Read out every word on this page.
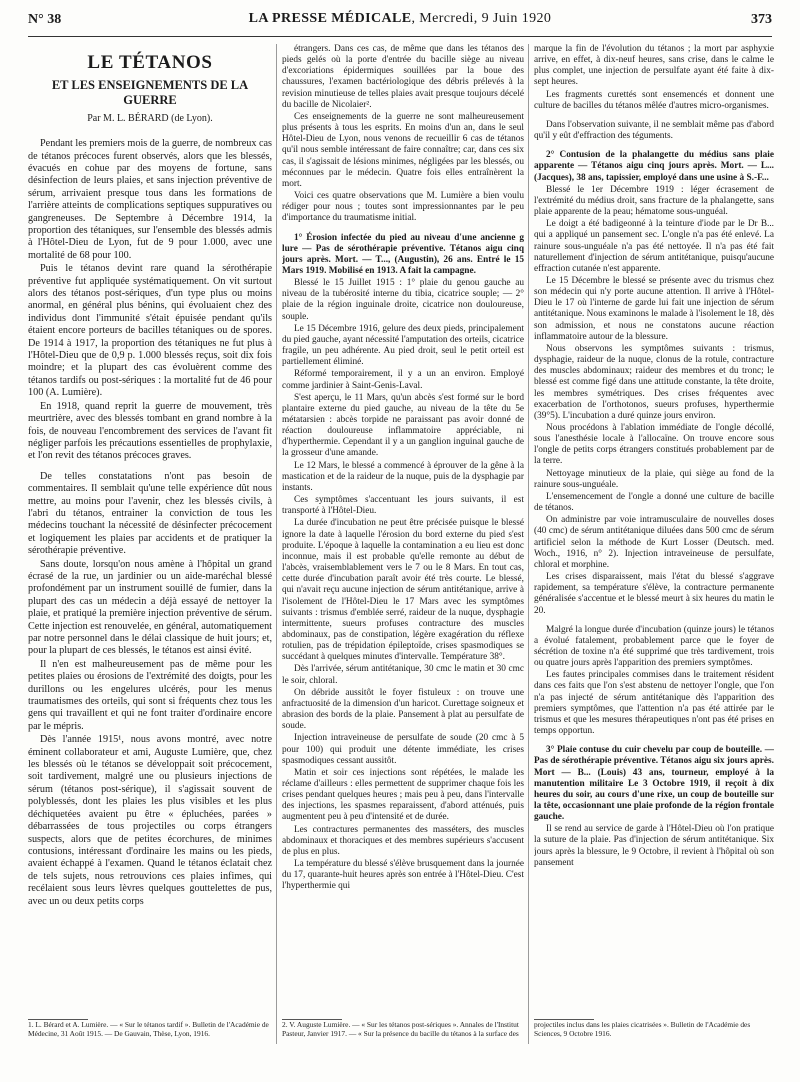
N° 38	LA PRESSE MÉDICALE, Mercredi, 9 Juin 1920	373
LE TÉTANOS
ET LES ENSEIGNEMENTS DE LA GUERRE
Par M. L. BÉRARD (de Lyon).

Pendant les premiers mois de la guerre, de nombreux cas de tétanos précoces furent observés, alors que les blessés, évacués en cohue par des moyens de fortune, sans désinfection de leurs plaies, et sans injection préventive de sérum, arrivaient presque tous dans les formations de l'arrière atteints de complications septiques suppuratives ou gangreneuses. De Septembre à Décembre 1914, la proportion des tétaniques, sur l'ensemble des blessés admis à l'Hôtel-Dieu de Lyon, fut de 9 pour 1.000, avec une mortalité de 68 pour 100.

Puis le tétanos devint rare quand la sérothérapie préventive fut appliquée systématiquement. On vit surtout alors des tétanos post-sériques, d'un type plus ou moins anormal, en général plus bénins, qui évoluaient chez des individus dont l'immunité s'était épuisée pendant qu'ils étaient encore porteurs de bacilles tétaniques ou de spores. De 1914 à 1917, la proportion des tétaniques ne fut plus à l'Hôtel-Dieu que de 0,9 p. 1.000 blessés reçus, soit dix fois moindre; et la plupart des cas évoluèrent comme des tétanos tardifs ou post-sériques : la mortalité fut de 46 pour 100 (A. Lumière).

En 1918, quand reprit la guerre de mouvement, très meurtrière, avec des blessés tombant en grand nombre à la fois, de nouveau l'encombrement des services de l'avant fit négliger parfois les précautions essentielles de prophylaxie, et l'on revit des tétanos précoces graves.

De telles constatations n'ont pas besoin de commentaires. Il semblait qu'une telle expérience dût nous mettre, au moins pour l'avenir, chez les blessés civils, à l'abri du tétanos, entrainer la conviction de tous les médecins touchant la nécessité de désinfecter précocement et logiquement les plaies par accidents et de pratiquer la sérothérapie préventive.

Sans doute, lorsqu'on nous amène à l'hôpital un grand écrasé de la rue, un jardinier ou un aide-maréchal blessé profondément par un instrument souillé de fumier, dans la plupart des cas un médecin a déjà essayé de nettoyer la plaie, et pratiqué la première injection préventive de sérum. Cette injection est renouvelée, en général, automatiquement par notre personnel dans le délai classique de huit jours; et, pour la plupart de ces blessés, le tétanos est ainsi évité.

Il n'en est malheureusement pas de même pour les petites plaies ou érosions de l'extrémité des doigts, pour les durillons ou les engelures ulcérés, pour les menus traumatismes des orteils, qui sont si fréquents chez tous les gens qui travaillent et qui ne font traiter d'ordinaire encore par le mépris.

Dès l'année 1915¹, nous avons montré, avec notre éminent collaborateur et ami, Auguste Lumière, que, chez les blessés où le tétanos se développait soit précocement, soit tardivement, malgré une ou plusieurs injections de sérum (tétanos post-sérique), il s'agissait souvent de polyblessés, dont les plaies les plus visibles et les plus déchiquetées avaient pu être « épluchées, parées » débarrassées de tous projectiles ou corps étrangers suspects, alors que de petites écorchures, de minimes contusions, intéressant d'ordinaire les mains ou les pieds, avaient échappé à l'examen. Quand le tétanos éclatait chez de tels sujets, nous retrouvions ces plaies infimes, qui recélaient sous leurs lèvres quelques gouttelettes de pus, avec un ou deux petits corps

1. L. Bérard et A. Lumière. — « Sur le tétanos tardif ». Bulletin de l'Académie de Médecine, 31 Août 1915. — De Gauvain, Thèse, Lyon, 1916.

étrangers. Dans ces cas, de même que dans les tétanos des pieds gelés où la porte d'entrée du bacille siège au niveau d'excoriations épidermiques souillées par la boue des chaussures, l'examen bactériologique des débris prélevés à la revision minutieuse de telles plaies avait presque toujours décelé du bacille de Nicolaier².

Ces enseignements de la guerre ne sont malheureusement plus présents à tous les esprits. En moins d'un an, dans le seul Hôtel-Dieu de Lyon, nous venons de recueillir 6 cas de tétanos qu'il nous semble intéressant de faire connaître; car, dans ces six cas, il s'agissait de lésions minimes, négligées par les blessés, ou méconnues par le médecin. Quatre fois elles entraînèrent la mort.

Voici ces quatre observations que M. Lumière a bien voulu rédiger pour nous ; toutes sont impressionnantes par le peu d'importance du traumatisme initial.

1° Érosion infectée du pied au niveau d'une ancienne g lure — Pas de sérothérapie préventive. Tétanos aigu cinq jours après. Mort. — T..., (Augustin), 26 ans. Entré le 15 Mars 1919. Mobilisé en 1913. A fait la campagne.

Blessé le 15 Juillet 1915 : 1° plaie du genou gauche au niveau de la tubérosité interne du tibia, cicatrice souple; — 2° plaie de la région inguinale droite, cicatrice non douloureuse, souple.

Le 15 Décembre 1916, gelure des deux pieds, principalement du pied gauche, ayant nécessité l'amputation des orteils, cicatrice fragile, un peu adhérente. Au pied droit, seul le petit orteil est partiellement éliminé.

Réformé temporairement, il y a un an environ. Employé comme jardinier à Saint-Genis-Laval.

S'est aperçu, le 11 Mars, qu'un abcès s'est formé sur le bord plantaire externe du pied gauche, au niveau de la tête du 5e métatarsien : abcès torpide ne paraissant pas avoir donné de réaction douloureuse inflammatoire appréciable, ni d'hyperthermie. Cependant il y a un ganglion inguinal gauche de la grosseur d'une amande.

Le 12 Mars, le blessé a commencé à éprouver de la gêne à la mastication et de la raideur de la nuque, puis de la dysphagie par instants.

Ces symptômes s'accentuant les jours suivants, il est transporté à l'Hôtel-Dieu.

La durée d'incubation ne peut être précisée puisque le blessé ignore la date à laquelle l'érosion du bord externe du pied s'est produite. L'époque à laquelle la contamination a eu lieu est donc inconnue, mais il est probable qu'elle remonte au début de l'abcès, vraisemblablement vers le 7 ou le 8 Mars. En tout cas, cette durée d'incubation paraît avoir été très courte. Le blessé, qui n'avait reçu aucune injection de sérum antitétanique, arrive à l'isolement de l'Hôtel-Dieu le 17 Mars avec les symptômes suivants : trismus d'emblée serré, raideur de la nuque, dysphagie intermittente, sueurs profuses contracture des muscles abdominaux, pas de constipation, légère exagération du réflexe rotulien, pas de trépidation épileptoïde, crises spasmodiques se succédant à quelques minutes d'intervalle. Température 38°.

Dès l'arrivée, sérum antitétanique, 30 cmc le matin et 30 cmc le soir, chloral.

On débride aussitôt le foyer fistuleux : on trouve une anfractuosité de la dimension d'un haricot. Curettage soigneux et abrasion des bords de la plaie. Pansement à plat au persulfate de soude.

Injection intraveineuse de persulfate de soude (20 cmc à 5 pour 100) qui produit une détente immédiate, les crises spasmodiques cessant aussitôt.

Matin et soir ces injections sont répétées, le malade les réclame d'ailleurs : elles permettent de supprimer chaque fois les crises pendant quelques heures ; mais peu à peu, dans l'intervalle des injections, les spasmes reparaissent, d'abord atténués, puis augmentent peu à peu d'intensité et de durée.

Les contractures permanentes des masséters, des muscles abdominaux et thoraciques et des membres supérieurs s'accusent de plus en plus.

La température du blessé s'élève brusquement dans la journée du 17, quarante-huit heures après son entrée à l'Hôtel-Dieu. C'est l'hyperthermie qui

2. V. Auguste Lumière. — « Sur les tétanos post-sériques ». Annales de l'Institut Pasteur, Janvier 1917. — « Sur la présence du bacille du tétanos à la surface des

marque la fin de l'évolution du tétanos ; la mort par asphyxie arrive, en effet, à dix-neuf heures, sans crise, dans le calme le plus complet, une injection de persulfate ayant été faite à dix-sept heures.

Les fragments curettés sont ensemencés et donnent une culture de bacilles du tétanos mêlée d'autres micro-organismes.

Dans l'observation suivante, il ne semblait même pas d'abord qu'il y eût d'effraction des téguments.

2° Contusion de la phalangette du médius sans plaie apparente — Tétanos aigu cinq jours après. Mort. — L... (Jacques), 38 ans, tapissier, employé dans une usine à S.-F...

Blessé le 1er Décembre 1919 : léger écrasement de l'extrémité du médius droit, sans fracture de la phalangette, sans plaie apparente de la peau; hématome sous-unguéal.

Le doigt a été badigeonné à la teinture d'iode par le Dr B... qui a appliqué un pansement sec. L'ongle n'a pas été enlevé. La rainure sous-unguéale n'a pas été nettoyée. Il n'a pas été fait naturellement d'injection de sérum antitétanique, puisqu'aucune effraction cutanée n'est apparente.

Le 15 Décembre le blessé se présente avec du trismus chez son médecin qui n'y porte aucune attention. Il arrive à l'Hôtel-Dieu le 17 où l'interne de garde lui fait une injection de sérum antitétanique. Nous examinons le malade à l'isolement le 18, dès son admission, et nous ne constatons aucune réaction inflammatoire autour de la blessure.

Nous observons les symptômes suivants : trismus, dysphagie, raideur de la nuque, clonus de la rotule, contracture des muscles abdominaux; raideur des membres et du tronc; le blessé est comme figé dans une attitude constante, la tête droite, les membres symétriques. Des crises fréquentes avec exacerbation de l'orthotonos, sueurs profuses, hyperthermie (39°5). L'incubation a duré quinze jours environ.

Nous procédons à l'ablation immédiate de l'ongle décollé, sous l'anesthésie locale à l'allocaïne. On trouve encore sous l'ongle de petits corps étrangers constitués probablement par de la terre.

Nettoyage minutieux de la plaie, qui siège au fond de la rainure sous-unguéale.

L'ensemencement de l'ongle a donné une culture de bacille de tétanos.

On administre par voie intramusculaire de nouvelles doses (40 cmc) de sérum antitétanique diluées dans 500 cmc de sérum artificiel selon la méthode de Kurt Losser (Deutsch. med. Woch., 1916, n° 2). Injection intraveineuse de persulfate, chloral et morphine.

Les crises disparaissent, mais l'état du blessé s'aggrave rapidement, sa température s'élève, la contracture permanente généralisée s'accentue et le blessé meurt à six heures du matin le 20.

Malgré la longue durée d'incubation (quinze jours) le tétanos a évolué fatalement, probablement parce que le foyer de sécrétion de toxine n'a été supprimé que très tardivement, trois ou quatre jours après l'apparition des premiers symptômes.

Les fautes principales commises dans le traitement résident dans ces faits que l'on s'est abstenu de nettoyer l'ongle, que l'on n'a pas injecté de sérum antitétanique dès l'apparition des premiers symptômes, que l'attention n'a pas été attirée par le trismus et que les mesures thérapeutiques n'ont pas été prises en temps opportun.

3° Plaie contuse du cuir chevelu par coup de bouteille. — Pas de sérothérapie préventive. Tétanos aigu six jours après. Mort — B... (Louis) 43 ans, tourneur, employé à la manutention militaire Le 3 Octobre 1919, il reçoit à dix heures du soir, au cours d'une rixe, un coup de bouteille sur la tête, occasionnant une plaie profonde de la région frontale gauche.

Il se rend au service de garde à l'Hôtel-Dieu où l'on pratique la suture de la plaie. Pas d'injection de sérum antitétanique. Six jours après la blessure, le 9 Octobre, il revient à l'hôpital où son pansement

projectiles inclus dans les plaies cicatrisées ». Bulletin de l'Académie des Sciences, 9 Octobre 1916.
